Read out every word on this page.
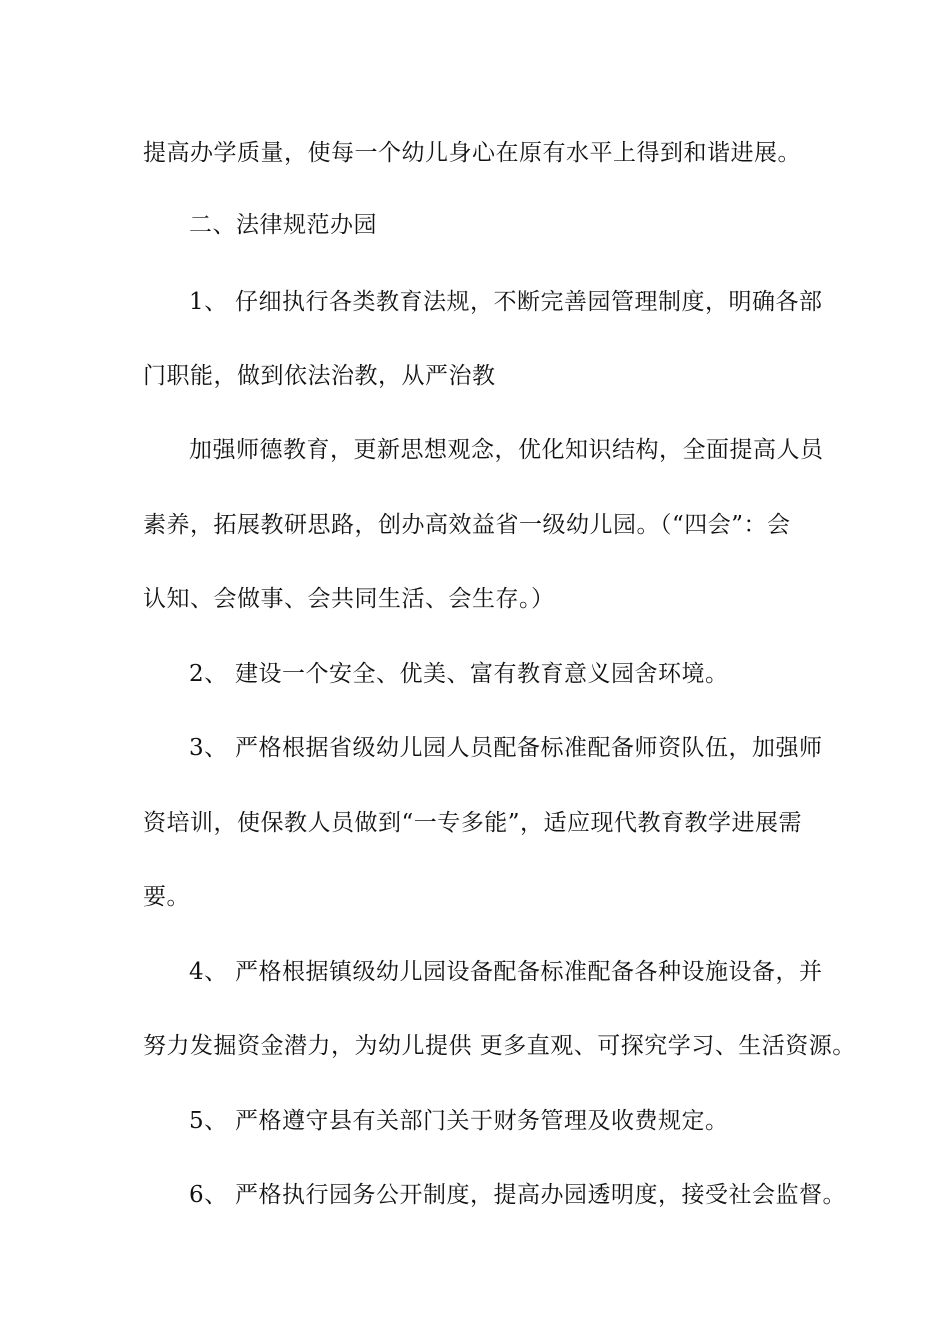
提高办学质量，使每一个幼儿身心在原有水平上得到和谐进展。
二、法律规范办园
1、 仔细执行各类教育法规，不断完善园管理制度，明确各部
门职能，做到依法治教，从严治教
加强师德教育，更新思想观念，优化知识结构，全面提高人员
素养，拓展教研思路，创办高效益省一级幼儿园。（“四会”：会
认知、会做事、会共同生活、会生存。）
2、 建设一个安全、优美、富有教育意义园舍环境。
3、 严格根据省级幼儿园人员配备标准配备师资队伍，加强师
资培训，使保教人员做到“一专多能”，适应现代教育教学进展需
要。
4、 严格根据镇级幼儿园设备配备标准配备各种设施设备，并
努力发掘资金潜力，为幼儿提供 更多直观、可探究学习、生活资源。
5、 严格遵守县有关部门关于财务管理及收费规定。
6、 严格执行园务公开制度，提高办园透明度，接受社会监督。
